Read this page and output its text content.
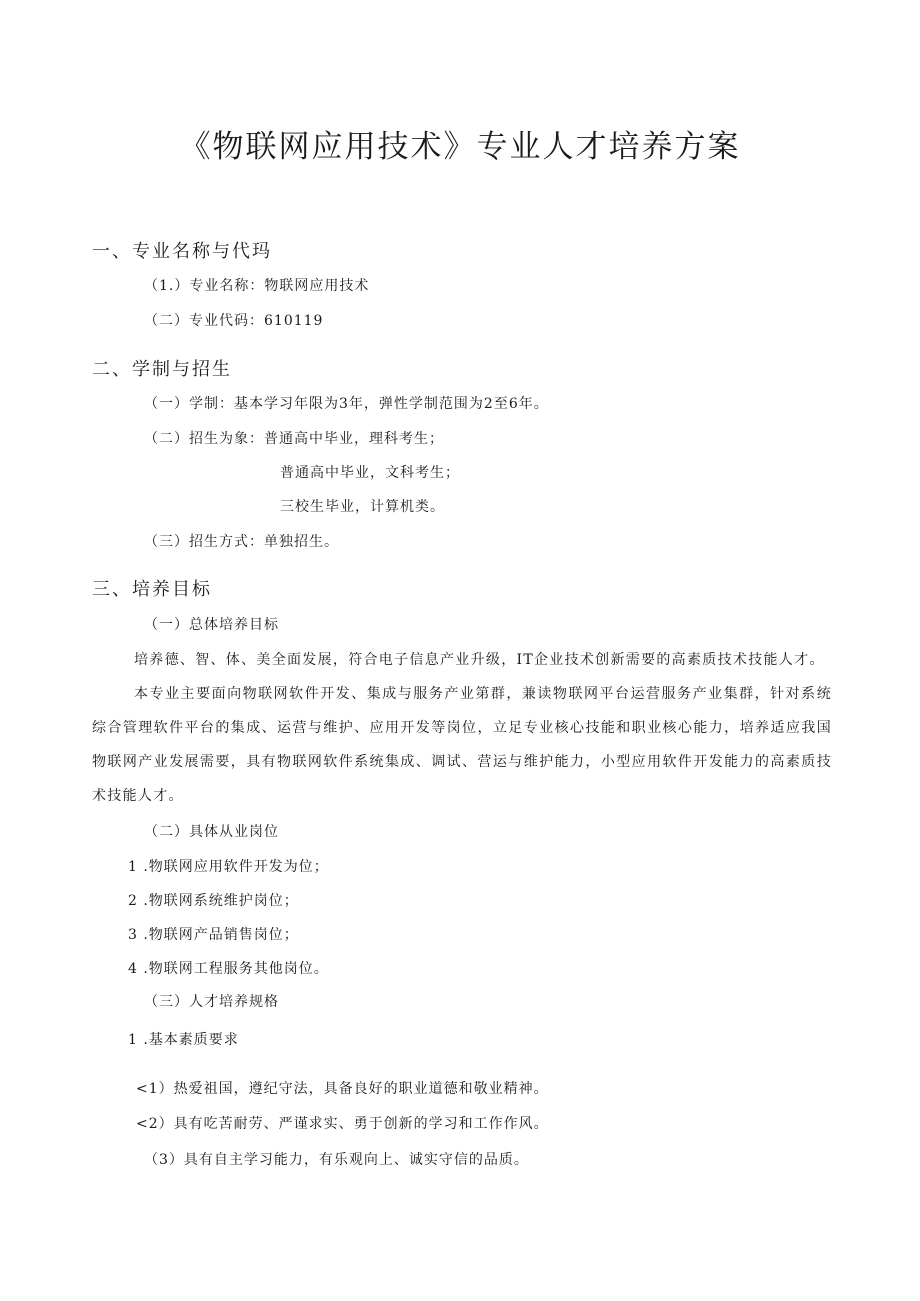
《物联网应用技术》专业人才培养方案
一、专业名称与代玛
（1.）专业名称：物联网应用技术
（二）专业代码：610119
二、学制与招生
（一）学制：基本学习年限为3年，弹性学制范围为2至6年。
（二）招生为象：普通高中毕业，理科考生；
普通高中毕业，文科考生；
三校生毕业，计算机类。
（三）招生方式：单独招生。
三、培养目标
（一）总体培养目标
培养德、智、体、美全面发展，符合电子信息产业升级，IT企业技术创新需要的高素质技术技能人才。
本专业主要面向物联网软件开发、集成与服务产业第群，兼读物联网平台运营服务产业集群，针对系统综合管理软件平台的集成、运营与维护、应用开发等岗位，立足专业核心技能和职业核心能力，培养适应我国物联网产业发展需要，具有物联网软件系统集成、调试、营运与维护能力，小型应用软件开发能力的高素质技术技能人才。
（二）具体从业岗位
1 .物联网应用软件开发为位；
2 .物联网系统维护岗位；
3 .物联网产品销售岗位；
4 .物联网工程服务其他岗位。
（三）人才培养规格
1 .基本素质要求
<1）热爱祖国，遵纪守法，具备良好的职业道德和敬业精神。
<2）具有吃苦耐劳、严谨求实、勇于创新的学习和工作作风。
（3）具有自主学习能力，有乐观向上、诚实守信的品质。
